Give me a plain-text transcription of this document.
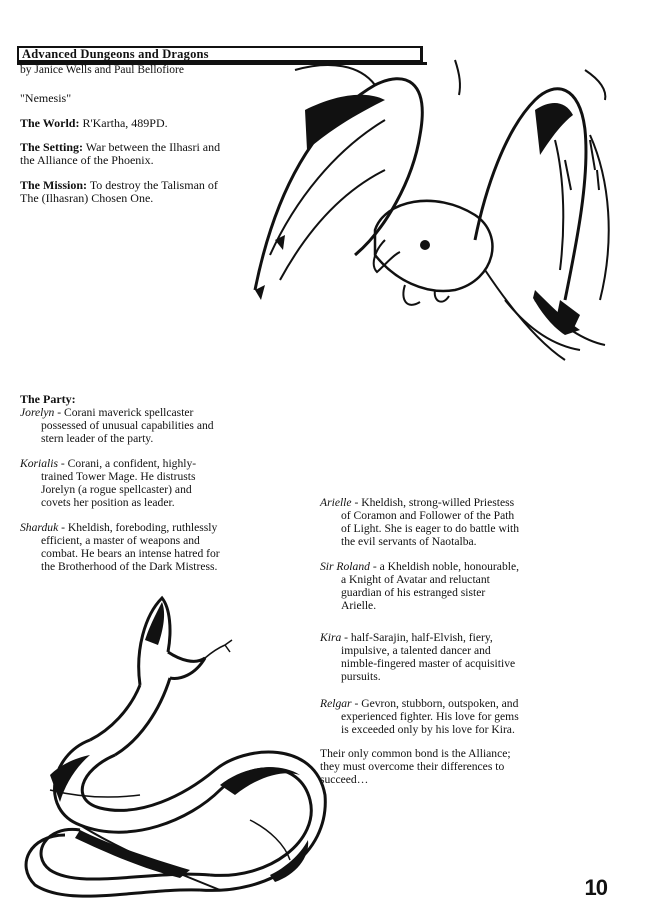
Advanced Dungeons and Dragons
by Janice Wells and Paul Bellofiore
"Nemesis"
The World: R'Kartha, 489PD.
The Setting: War between the Ilhasri and
the Alliance of the Phoenix.
The Mission: To destroy the Talisman of
The (Ilhasran) Chosen One.
The Party:
Jorelyn - Corani maverick spellcaster
possessed of unusual capabilities and
stern leader of the party.
Korialis - Corani, a confident, highly-
trained Tower Mage. He distrusts
Jorelyn (a rogue spellcaster) and
covets her position as leader.
Sharduk - Kheldish, foreboding, ruthlessly
efficient, a master of weapons and
combat. He bears an intense hatred for
the Brotherhood of the Dark Mistress.
Arielle - Kheldish, strong-willed Priestess
of Coramon and Follower of the Path
of Light. She is eager to do battle with
the evil servants of Naotalba.
Sir Roland - a Kheldish noble, honourable,
a Knight of Avatar and reluctant
guardian of his estranged sister
Arielle.
Kira - half-Sarajin, half-Elvish, fiery,
impulsive, a talented dancer and
nimble-fingered master of acquisitive
pursuits.
Relgar - Gevron, stubborn, outspoken, and
experienced fighter. His love for gems
is exceeded only by his love for Kira.
Their only common bond is the Alliance;
they must overcome their differences to
succeed…
10
